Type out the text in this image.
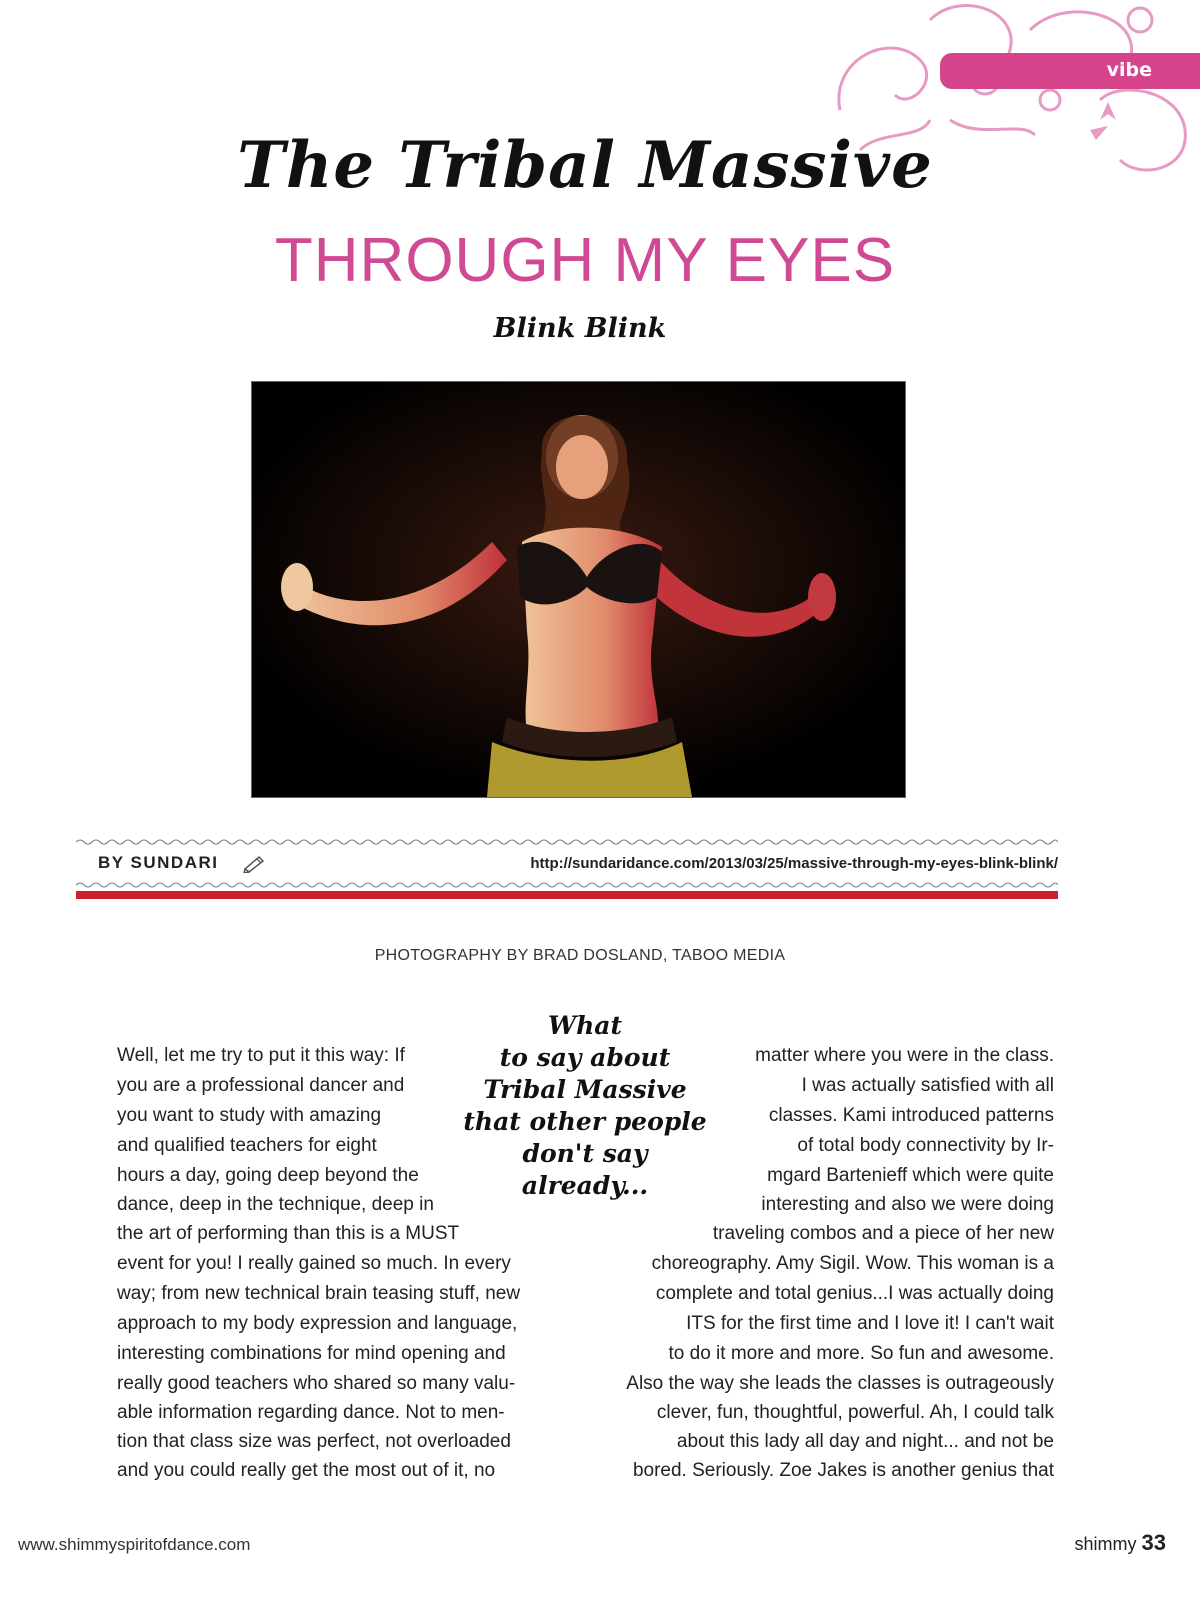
vibe
The Tribal Massive
THROUGH MY EYES
Blink Blink
BY SUNDARI	http://sundaridance.com/2013/03/25/massive-through-my-eyes-blink-blink/
PHOTOGRAPHY BY BRAD DOSLAND, TABOO MEDIA
What
to say about
Tribal Massive
that other people
don't say
already...
Well, let me try to put it this way: If
you are a professional dancer and
you want to study with amazing
and qualified teachers for eight
hours a day, going deep beyond the
dance, deep in the technique, deep in
the art of performing than this is a MUST
event for you! I really gained so much. In every
way; from new technical brain teasing stuff, new
approach to my body expression and language,
interesting combinations for mind opening and
really good teachers who shared so many valu-
able information regarding dance. Not to men-
tion that class size was perfect, not overloaded
and you could really get the most out of it, no
matter where you were in the class.
I was actually satisfied with all
classes. Kami introduced patterns
of total body connectivity by Ir-
mgard Bartenieff which were quite
interesting and also we were doing
traveling combos and a piece of her new
choreography. Amy Sigil. Wow. This woman is a
complete and total genius...I was actually doing
ITS for the first time and I love it! I can't wait
to do it more and more. So fun and awesome.
Also the way she leads the classes is outrageously
clever, fun, thoughtful, powerful. Ah, I could talk
about this lady all day and night... and not be
bored. Seriously. Zoe Jakes is another genius that
www.shimmyspiritofdance.com	shimmy 33
